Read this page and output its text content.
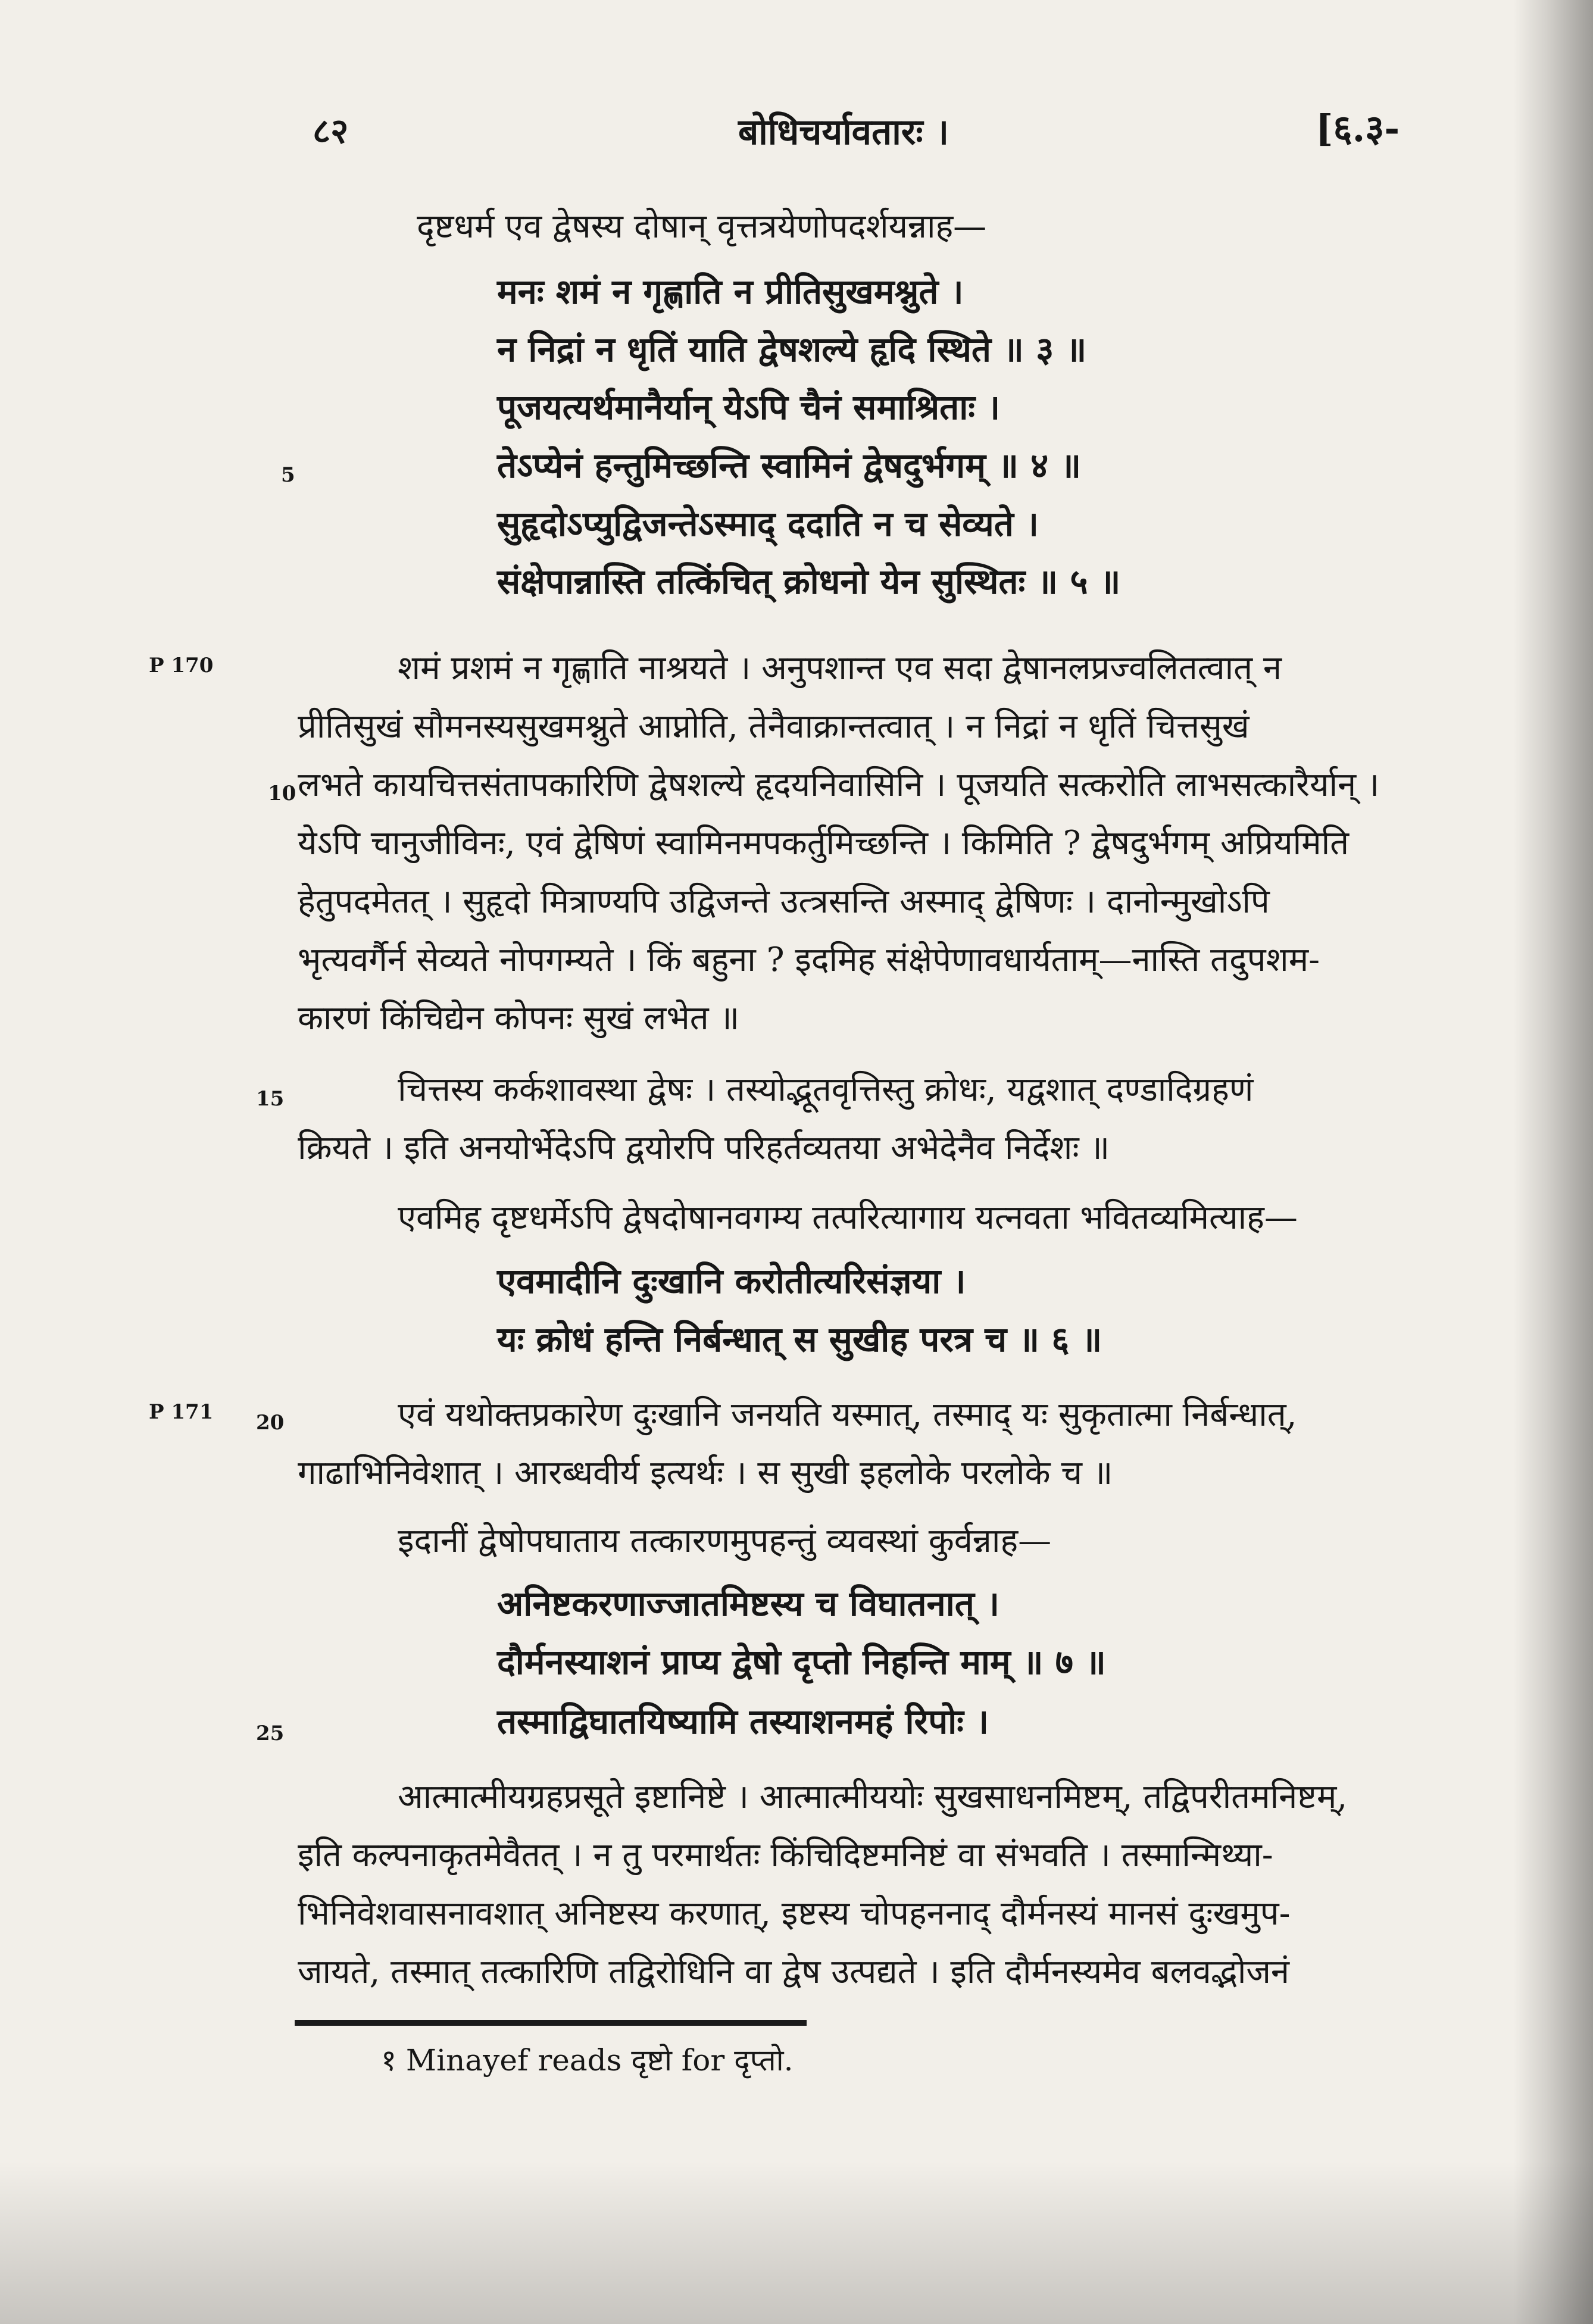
८२	बोधिचर्यावतारः ।	[६.३-
दृष्टधर्म एव द्वेषस्य दोषान् वृत्तत्रयेणोपदर्शयन्नाह—
मनः शमं न गृह्णाति न प्रीतिसुखमश्नुते ।
न निद्रां न धृतिं याति द्वेषशल्ये हृदि स्थिते ॥ ३ ॥
पूजयत्यर्थमानैर्यान् येऽपि चैनं समाश्रिताः ।
तेऽप्येनं हन्तुमिच्छन्ति स्वामिनं द्वेषदुर्भगम् ॥ ४ ॥
सुहृदोऽप्युद्विजन्तेऽस्माद् ददाति न च सेव्यते ।
संक्षेपान्नास्ति तत्किंचित् क्रोधनो येन सुस्थितः ॥ ५ ॥
P 170	शमं प्रशमं न गृह्णाति नाश्रयते । अनुपशान्त एव सदा द्वेषानलप्रज्वलितत्वात् न
प्रीतिसुखं सौमनस्यसुखमश्नुते आप्नोति, तेनैवाक्रान्तत्वात् । न निद्रां न धृतिं चित्तसुखं
लभते कायचित्तसंतापकारिणि द्वेषशल्ये हृदयनिवासिनि । पूजयति सत्करोति लाभसत्कारैर्यान् ।
येऽपि चानुजीविनः, एवं द्वेषिणं स्वामिनमपकर्तुमिच्छन्ति । किमिति ? द्वेषदुर्भगम् अप्रियमिति
हेतुपदमेतत् । सुहृदो मित्राण्यपि उद्विजन्ते उत्त्रसन्ति अस्माद् द्वेषिणः । दानोन्मुखोऽपि
भृत्यवर्गैर्न सेव्यते नोपगम्यते । किं बहुना ? इदमिह संक्षेपेणावधार्यताम्—नास्ति तदुपशम-
कारणं किंचिद्येन कोपनः सुखं लभेत ॥
चित्तस्य कर्कशावस्था द्वेषः । तस्योद्भूतवृत्तिस्तु क्रोधः, यद्वशात् दण्डादिग्रहणं
क्रियते । इति अनयोर्भेदेऽपि द्वयोरपि परिहर्तव्यतया अभेदेनैव निर्देशः ॥
एवमिह दृष्टधर्मेऽपि द्वेषदोषानवगम्य तत्परित्यागाय यत्नवता भवितव्यमित्याह—
एवमादीनि दुःखानि करोतीत्यरिसंज्ञया ।
यः क्रोधं हन्ति निर्बन्धात् स सुखीह परत्र च ॥ ६ ॥
P 171	एवं यथोक्तप्रकारेण दुःखानि जनयति यस्मात्, तस्माद् यः सुकृतात्मा निर्बन्धात्,
गाढाभिनिवेशात् । आरब्धवीर्य इत्यर्थः । स सुखी इहलोके परलोके च ॥
इदानीं द्वेषोपघाताय तत्कारणमुपहन्तुं व्यवस्थां कुर्वन्नाह—
अनिष्टकरणाज्जातमिष्टस्य च विघातनात् ।
दौर्मनस्याशनं प्राप्य द्वेषो दृप्तो निहन्ति माम् ॥ ७ ॥
तस्माद्विघातयिष्यामि तस्याशनमहं रिपोः ।
आत्मात्मीयग्रहप्रसूते इष्टानिष्टे । आत्मात्मीययोः सुखसाधनमिष्टम्, तद्विपरीतमनिष्टम्,
इति कल्पनाकृतमेवैतत् । न तु परमार्थतः किंचिदिष्टमनिष्टं वा संभवति । तस्मान्मिथ्या-
भिनिवेशवासनावशात् अनिष्टस्य करणात्, इष्टस्य चोपहननाद् दौर्मनस्यं मानसं दुःखमुप-
जायते, तस्मात् तत्कारिणि तद्विरोधिनि वा द्वेष उत्पद्यते । इति दौर्मनस्यमेव बलवद्भोजनं
5
10
15
20
25
१ Minayef reads दृष्टो for दृप्तो.
